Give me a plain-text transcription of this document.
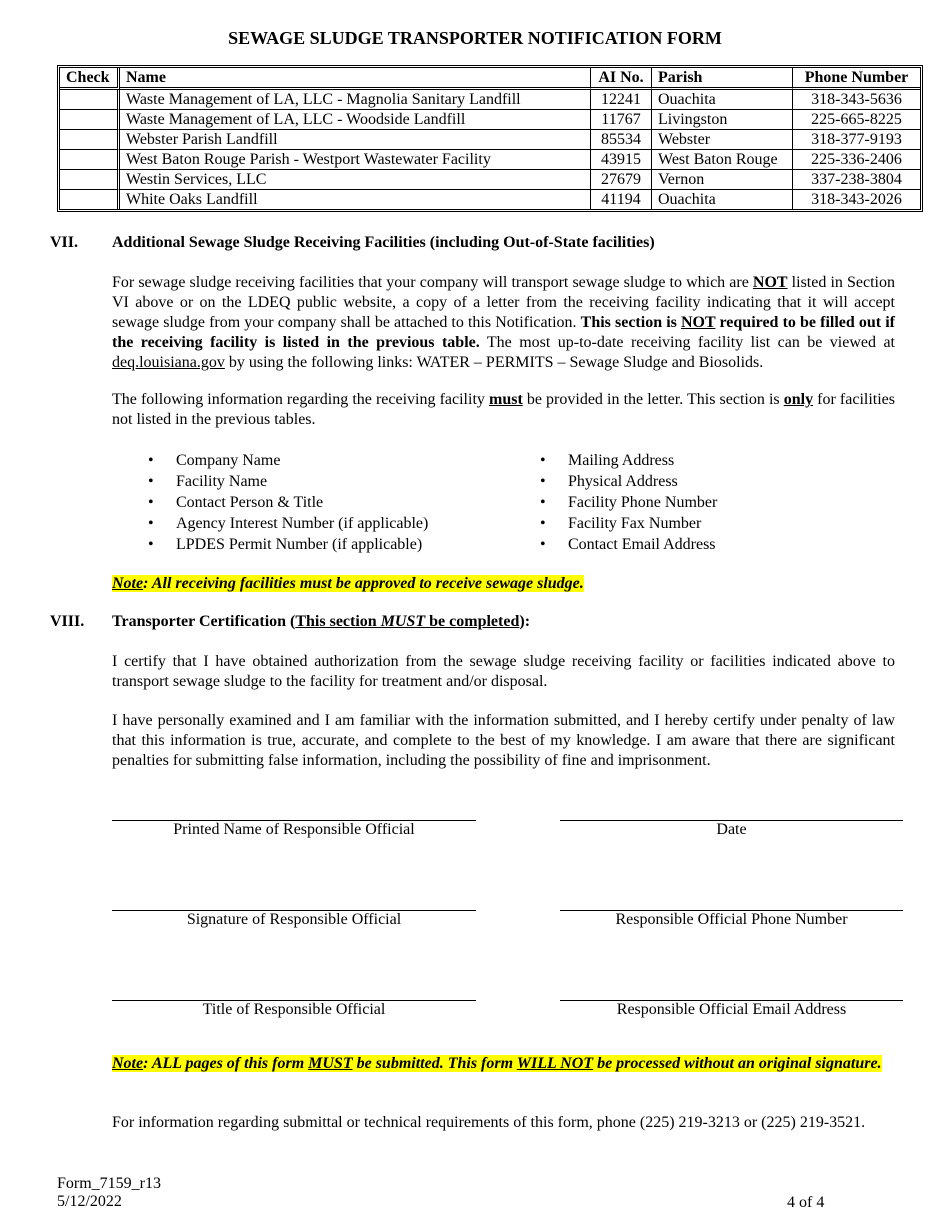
SEWAGE SLUDGE TRANSPORTER NOTIFICATION FORM
Check	Name	AI No.	Parish	Phone Number
	Waste Management of LA, LLC - Magnolia Sanitary Landfill	12241	Ouachita	318-343-5636
	Waste Management of LA, LLC - Woodside Landfill	11767	Livingston	225-665-8225
	Webster Parish Landfill	85534	Webster	318-377-9193
	West Baton Rouge Parish - Westport Wastewater Facility	43915	West Baton Rouge	225-336-2406
	Westin Services, LLC	27679	Vernon	337-238-3804
	White Oaks Landfill	41194	Ouachita	318-343-2026
VII. Additional Sewage Sludge Receiving Facilities (including Out-of-State facilities)
For sewage sludge receiving facilities that your company will transport sewage sludge to which are NOT listed in Section VI above or on the LDEQ public website, a copy of a letter from the receiving facility indicating that it will accept sewage sludge from your company shall be attached to this Notification. This section is NOT required to be filled out if the receiving facility is listed in the previous table. The most up-to-date receiving facility list can be viewed at deq.louisiana.gov by using the following links: WATER – PERMITS – Sewage Sludge and Biosolids.
The following information regarding the receiving facility must be provided in the letter. This section is only for facilities not listed in the previous tables.
• Company Name
• Facility Name
• Contact Person & Title
• Agency Interest Number (if applicable)
• LPDES Permit Number (if applicable)
• Mailing Address
• Physical Address
• Facility Phone Number
• Facility Fax Number
• Contact Email Address
Note: All receiving facilities must be approved to receive sewage sludge.
VIII. Transporter Certification (This section MUST be completed):
I certify that I have obtained authorization from the sewage sludge receiving facility or facilities indicated above to transport sewage sludge to the facility for treatment and/or disposal.
I have personally examined and I am familiar with the information submitted, and I hereby certify under penalty of law that this information is true, accurate, and complete to the best of my knowledge. I am aware that there are significant penalties for submitting false information, including the possibility of fine and imprisonment.
Printed Name of Responsible Official	Date
Signature of Responsible Official	Responsible Official Phone Number
Title of Responsible Official	Responsible Official Email Address
Note: ALL pages of this form MUST be submitted. This form WILL NOT be processed without an original signature.
For information regarding submittal or technical requirements of this form, phone (225) 219-3213 or (225) 219-3521.
Form_7159_r13
5/12/2022	4 of 4
